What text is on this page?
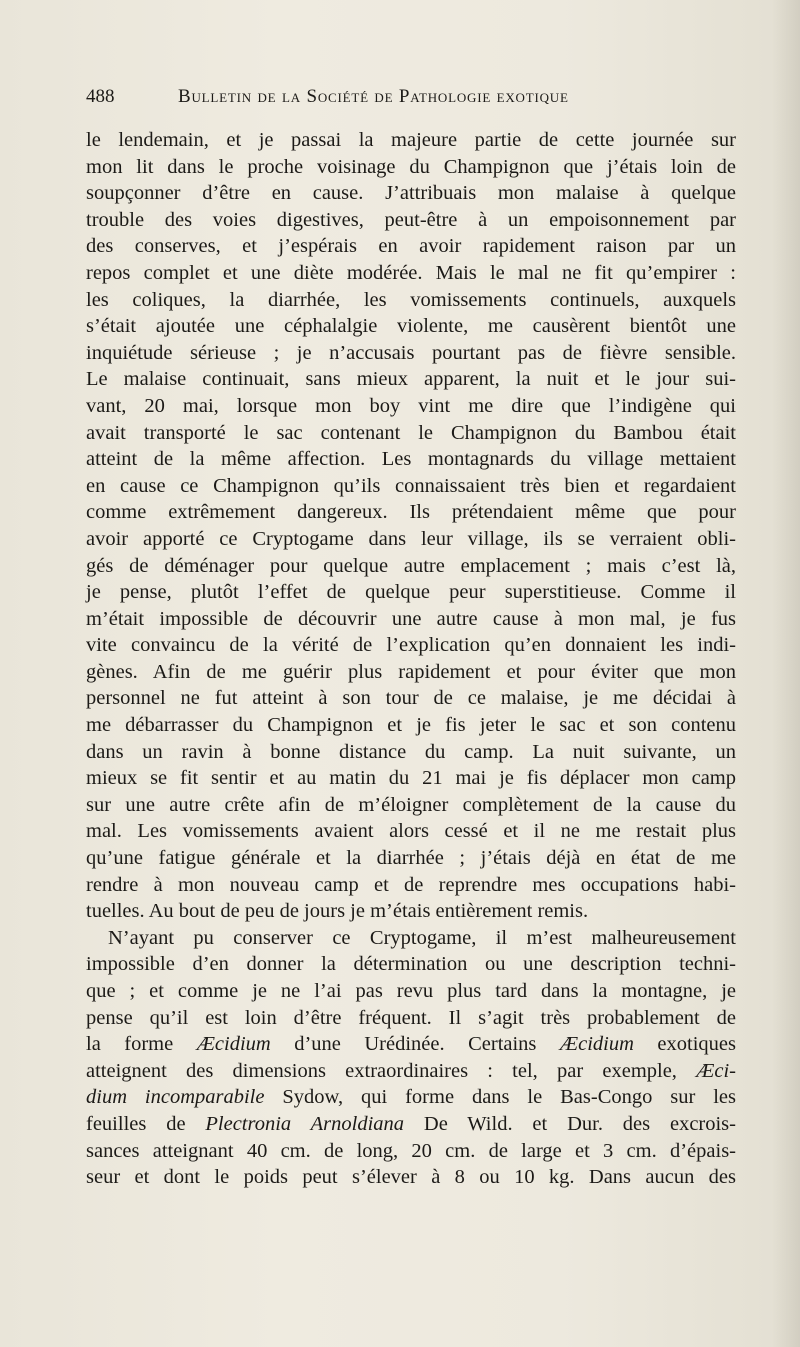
488	Bulletin de la Société de Pathologie exotique
le lendemain, et je passai la majeure partie de cette journée sur
mon lit dans le proche voisinage du Champignon que j’étais loin de
soupçonner d’être en cause. J’attribuais mon malaise à quelque
trouble des voies digestives, peut-être à un empoisonnement par
des conserves, et j’espérais en avoir rapidement raison par un
repos complet et une diète modérée. Mais le mal ne fit qu’empirer :
les coliques, la diarrhée, les vomissements continuels, auxquels
s’était ajoutée une céphalalgie violente, me causèrent bientôt une
inquiétude sérieuse ; je n’accusais pourtant pas de fièvre sensible.
Le malaise continuait, sans mieux apparent, la nuit et le jour sui-
vant, 20 mai, lorsque mon boy vint me dire que l’indigène qui
avait transporté le sac contenant le Champignon du Bambou était
atteint de la même affection. Les montagnards du village mettaient
en cause ce Champignon qu’ils connaissaient très bien et regardaient
comme extrêmement dangereux. Ils prétendaient même que pour
avoir apporté ce Cryptogame dans leur village, ils se verraient obli-
gés de déménager pour quelque autre emplacement ; mais c’est là,
je pense, plutôt l’effet de quelque peur superstitieuse. Comme il
m’était impossible de découvrir une autre cause à mon mal, je fus
vite convaincu de la vérité de l’explication qu’en donnaient les indi-
gènes. Afin de me guérir plus rapidement et pour éviter que mon
personnel ne fut atteint à son tour de ce malaise, je me décidai à
me débarrasser du Champignon et je fis jeter le sac et son contenu
dans un ravin à bonne distance du camp. La nuit suivante, un
mieux se fit sentir et au matin du 21 mai je fis déplacer mon camp
sur une autre crête afin de m’éloigner complètement de la cause du
mal. Les vomissements avaient alors cessé et il ne me restait plus
qu’une fatigue générale et la diarrhée ; j’étais déjà en état de me
rendre à mon nouveau camp et de reprendre mes occupations habi-
tuelles. Au bout de peu de jours je m’étais entièrement remis.
N’ayant pu conserver ce Cryptogame, il m’est malheureusement
impossible d’en donner la détermination ou une description techni-
que ; et comme je ne l’ai pas revu plus tard dans la montagne, je
pense qu’il est loin d’être fréquent. Il s’agit très probablement de
la forme Æcidium d’une Urédinée. Certains Æcidium exotiques
atteignent des dimensions extraordinaires : tel, par exemple, Æci-
dium incomparabile Sydow, qui forme dans le Bas-Congo sur les
feuilles de Plectronia Arnoldiana De Wild. et Dur. des excrois-
sances atteignant 40 cm. de long, 20 cm. de large et 3 cm. d’épais-
seur et dont le poids peut s’élever à 8 ou 10 kg. Dans aucun des
